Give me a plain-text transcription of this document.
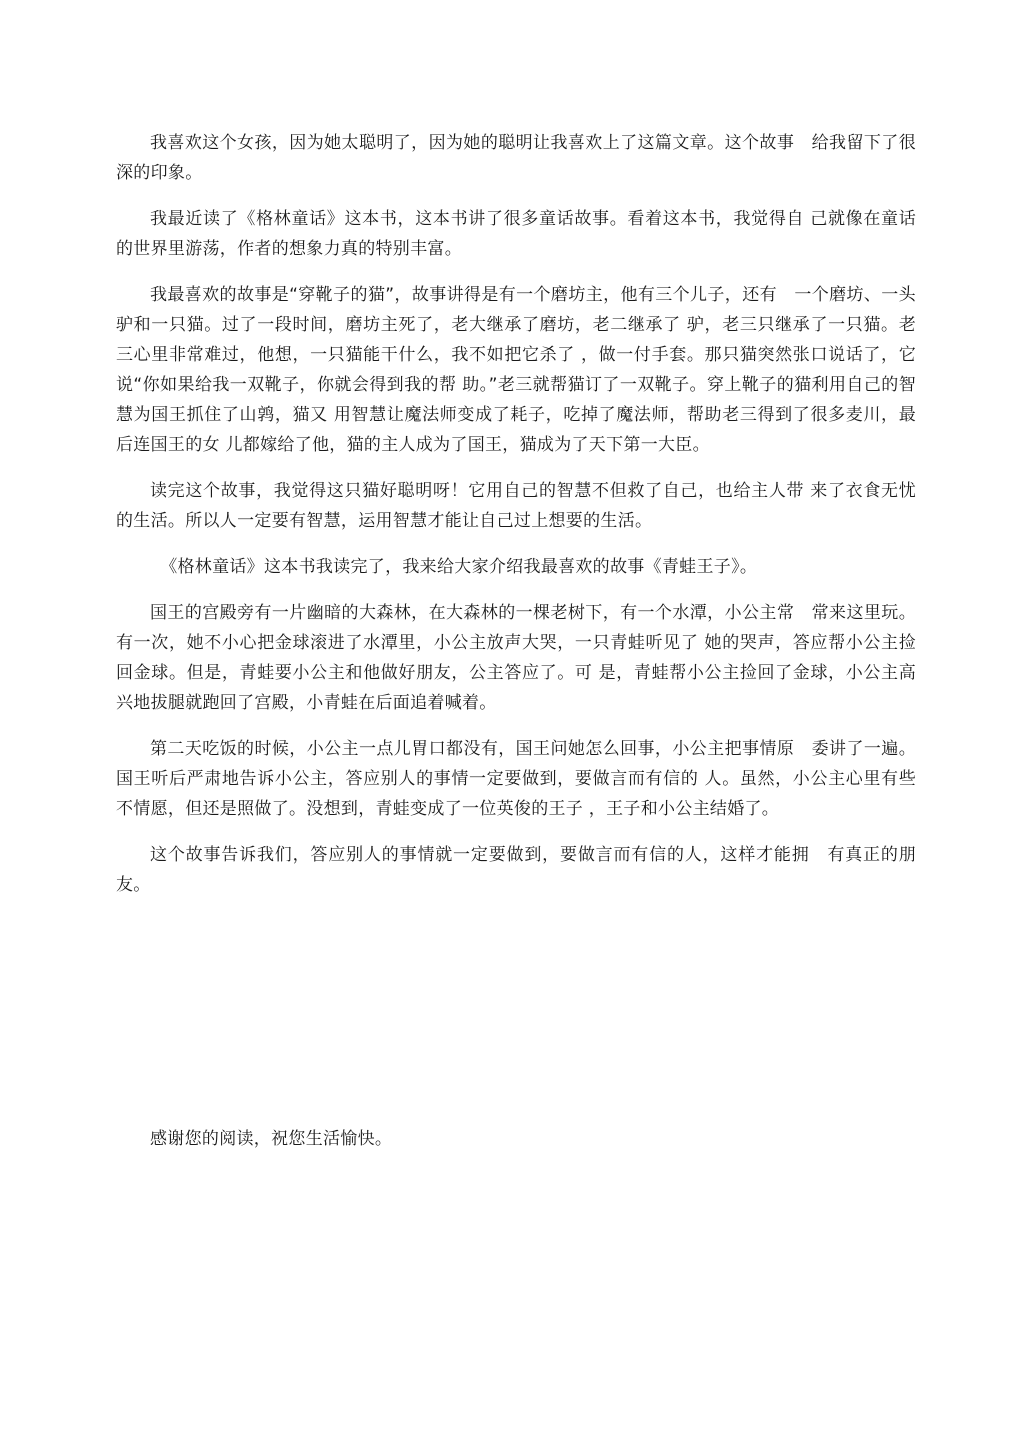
我喜欢这个女孩，因为她太聪明了，因为她的聪明让我喜欢上了这篇文章。这个故事　给我留下了很深的印象。

我最近读了《格林童话》这本书，这本书讲了很多童话故事。看着这本书，我觉得自 己就像在童话的世界里游荡，作者的想象力真的特别丰富。

我最喜欢的故事是“穿靴子的猫”，故事讲得是有一个磨坊主，他有三个儿子，还有　一个磨坊、一头驴和一只猫。过了一段时间，磨坊主死了，老大继承了磨坊，老二继承了 驴，老三只继承了一只猫。老三心里非常难过，他想，一只猫能干什么，我不如把它杀了 ，做一付手套。那只猫突然张口说话了，它说“你如果给我一双靴子，你就会得到我的帮 助。”老三就帮猫订了一双靴子。穿上靴子的猫利用自己的智慧为国王抓住了山鹑，猫又 用智慧让魔法师变成了耗子，吃掉了魔法师，帮助老三得到了很多麦川，最后连国王的女 儿都嫁给了他，猫的主人成为了国王，猫成为了天下第一大臣。

读完这个故事，我觉得这只猫好聪明呀！它用自己的智慧不但救了自己，也给主人带 来了衣食无忧的生活。所以人一定要有智慧，运用智慧才能让自己过上想要的生活。

《格林童话》这本书我读完了，我来给大家介绍我最喜欢的故事《青蛙王子》。

国王的宫殿旁有一片幽暗的大森林，在大森林的一棵老树下，有一个水潭，小公主常　常来这里玩。有一次，她不小心把金球滚进了水潭里，小公主放声大哭，一只青蛙听见了 她的哭声，答应帮小公主捡回金球。但是，青蛙要小公主和他做好朋友，公主答应了。可 是，青蛙帮小公主捡回了金球，小公主高兴地拔腿就跑回了宫殿，小青蛙在后面追着喊着。

第二天吃饭的时候，小公主一点儿胃口都没有，国王问她怎么回事，小公主把事情原　委讲了一遍。国王听后严肃地告诉小公主，答应别人的事情一定要做到，要做言而有信的 人。虽然，小公主心里有些不情愿，但还是照做了。没想到，青蛙变成了一位英俊的王子 ，王子和小公主结婚了。

这个故事告诉我们，答应别人的事情就一定要做到，要做言而有信的人，这样才能拥　有真正的朋友。

感谢您的阅读，祝您生活愉快。
